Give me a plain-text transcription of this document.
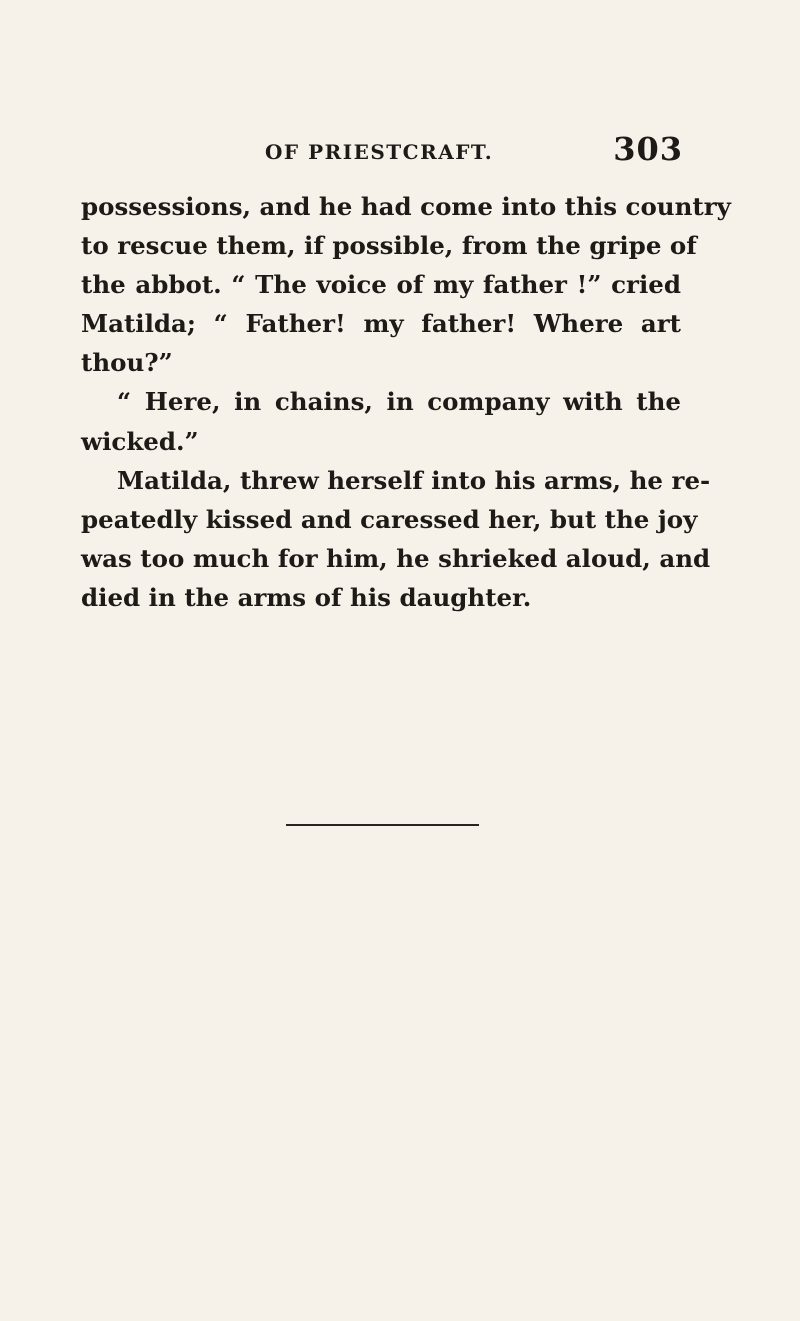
OF PRIESTCRAFT.	303
possessions, and he had come into this country
to rescue them, if possible, from the gripe of
the abbot. “ The voice of my father !” cried
Matilda; “ Father! my father! Where art
thou?”
“ Here, in chains, in company with the
wicked.”
Matilda, threw herself into his arms, he re-
peatedly kissed and caressed her, but the joy
was too much for him, he shrieked aloud, and
died in the arms of his daughter.
